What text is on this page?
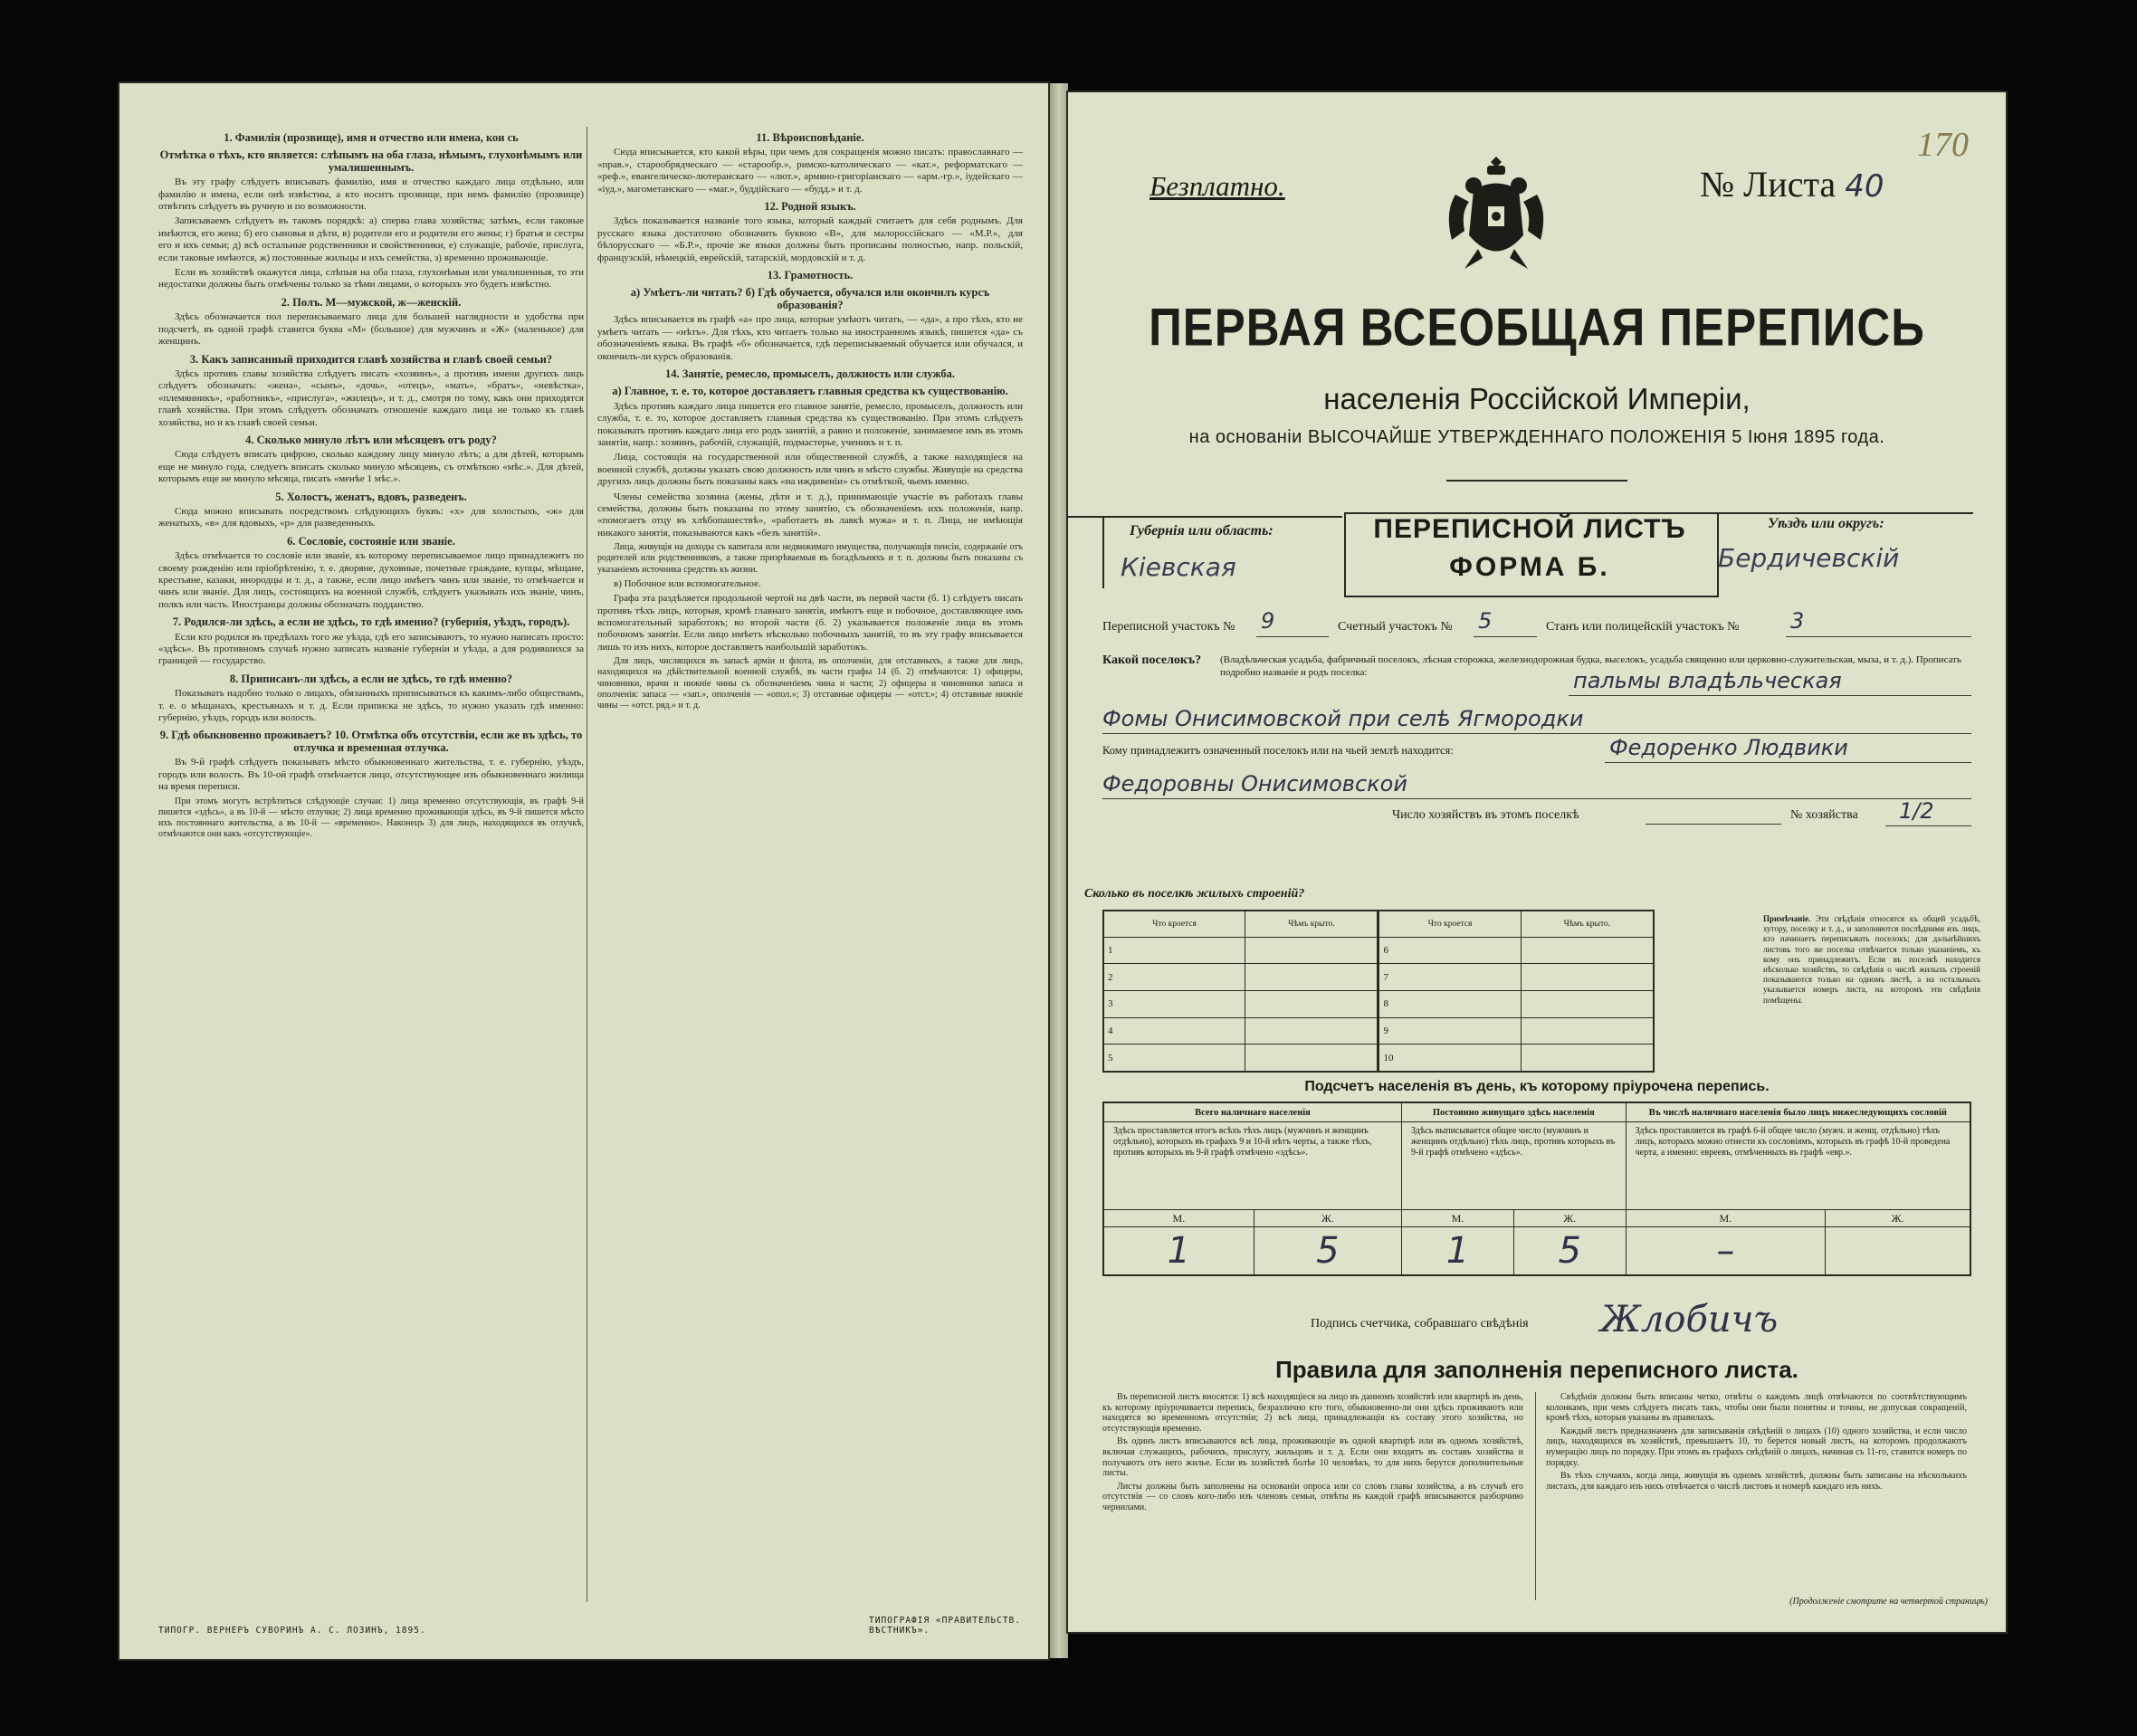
1. Фамилія (прозвище), имя и отчество или имена, кои сь
Отмѣтка о тѣхъ, кто является: слѣпымъ на оба глаза, нѣмымъ, глухонѣмымъ или умалишеннымъ.
Въ эту графу слѣдуетъ вписывать фамилію, имя и отчество каждаго лица отдѣльно, или фамилію и имена, если онѣ извѣстны, а кто носитъ прозвище, при немъ фамилію (прозвище) отвѣтить слѣдуетъ въ ручную и по возможности.
Записываемъ слѣдуетъ въ такомъ порядкѣ: а) сперва глава хозяйства; затѣмъ, если таковые имѣются, его жена; б) его сыновья и дѣти, в) родители его и родители его жены; г) братья и сестры его и ихъ семьи; д) всѣ остальные родственники и свойственники, е) служащіе, рабочіе, прислуга, если таковые имѣются, ж) постоянные жильцы и ихъ семейства, з) временно проживающіе.
Если въ хозяйствѣ окажутся лица, слѣпыя на оба глаза, глухонѣмыя или умалишенныя, то эти недостатки должны быть отмѣчены только за тѣми лицами, о которыхъ это будетъ извѣстно.
2. Полъ. М—мужской, ж—женскій.
Здѣсь обозначается пол переписываемаго лица для большей наглядности и удобства при подсчетѣ, въ одной графѣ ставится буква «М» (большое) для мужчинъ и «Ж» (маленькое) для женщинъ.
3. Какъ записанный приходится главѣ хозяйства и главѣ своей семьи?
Здѣсь противъ главы хозяйства слѣдуетъ писать «хозяинъ», а противъ имени другихъ лицъ слѣдуетъ обозначать: «жена», «сынъ», «дочь», «отецъ», «мать», «братъ», «невѣстка», «племянникъ», «работникъ», «прислуга», «жилецъ», и т. д., смотря по тому, какъ они приходятся главѣ хозяйства. При этомъ слѣдуетъ обозначать отношеніе каждаго лица не только къ главѣ хозяйства, но и къ главѣ своей семьи.
4. Сколько минуло лѣтъ или мѣсяцевъ отъ роду?
Сюда слѣдуетъ вписать цифрою, сколько каждому лицу минуло лѣтъ; а для дѣтей, которымъ еще не минуло года, следуетъ вписать сколько минуло мѣсяцевъ, съ отмѣткою «мѣс.». Для дѣтей, которымъ еще не минуло мѣсяца, писать «менѣе 1 мѣс.».
5. Холостъ, женатъ, вдовъ, разведенъ.
Сюда можно вписывать посредствомъ слѣдующихъ буквъ: «х» для холостыхъ, «ж» для женатыхъ, «в» для вдовыхъ, «р» для разведенныхъ.
6. Сословіе, состояніе или званіе.
Здѣсь отмѣчается то сословіе или званіе, къ которому переписываемое лицо принадлежитъ по своему рожденію или пріобрѣтенію, т. е. дворяне, духовные, почетные граждане, купцы, мѣщане, крестьяне, казаки, инородцы и т. д., а также, если лицо имѣетъ чинъ или званіе, то отмѣчается и чинъ или званіе. Для лицъ, состоящихъ на военной службѣ, слѣдуетъ указывать ихъ званіе, чинъ, полкъ или часть. Иностранцы должны обозначать подданство.
7. Родился-ли здѣсь, а если не здѣсь, то гдѣ именно? (губернія, уѣздъ, городъ).
Если кто родился въ предѣлахъ того же уѣзда, гдѣ его записываютъ, то нужно написать просто: «здѣсь». Въ противномъ случаѣ нужно записать названіе губерніи и уѣзда, а для родившихся за границей — государство.
8. Приписанъ-ли здѣсь, а если не здѣсь, то гдѣ именно?
Показывать надобно только о лицахъ, обязанныхъ приписываться къ какимъ-либо обществамъ, т. е. о мѣщанахъ, крестьянахъ и т. д. Если приписка не здѣсь, то нужно указать гдѣ именно: губернію, уѣздъ, городъ или волость.
9. Гдѣ обыкновенно проживаетъ? 10. Отмѣтка объ отсутствіи, если же въ здѣсь, то отлучка и временная отлучка.
Въ 9-й графѣ слѣдуетъ показывать мѣсто обыкновеннаго жительства, т. е. губернію, уѣздъ, городъ или волость. Въ 10-ой графѣ отмѣчается лицо, отсутствующее изъ обыкновеннаго жилища на время переписи.
При этомъ могутъ встрѣтиться слѣдующіе случаи: 1) лица временно отсутствующія, въ графѣ 9-й пишется «здѣсь», а въ 10-й — мѣсто отлучки; 2) лица временно проживающія здѣсь, въ 9-й пишется мѣсто ихъ постояннаго жительства, а въ 10-й — «временно». Наконецъ 3) для лицъ, находящихся въ отлучкѣ, отмѣчаются они какъ «отсутствующіе».
11. Вѣроисповѣданіе.
Сюда вписывается, кто какой вѣры, при чемъ для сокращенія можно писать: православнаго — «прав.», старообрядческаго — «старообр.», римско-католическаго — «кат.», реформатскаго — «реф.», евангелическо-лютеранскаго — «лют.», армяно-григоріанскаго — «арм.-гр.», іудейскаго — «іуд.», магометанскаго — «маг.», буддійскаго — «будд.» и т. д.
12. Родной языкъ.
Здѣсь показывается названіе того языка, который каждый считаетъ для себя роднымъ. Для русскаго языка достаточно обозначить буквою «В», для малороссійскаго — «М.Р.», для бѣлорусскаго — «Б.Р.», прочіе же языки должны быть прописаны полностью, напр. польскій, французскій, нѣмецкій, еврейскій, татарскій, мордовскій и т. д.
13. Грамотность.
а) Умѣетъ-ли читать? б) Гдѣ обучается, обучался или окончилъ курсъ образованія?
Здѣсь вписывается въ графѣ «а» про лица, которые умѣютъ читать, — «да», а про тѣхъ, кто не умѣетъ читать — «нѣтъ». Для тѣхъ, кто читаетъ только на иностранномъ языкѣ, пишется «да» съ обозначеніемъ языка. Въ графѣ «б» обозначается, гдѣ переписываемый обучается или обучался, и окончилъ-ли курсъ образованія.
14. Занятіе, ремесло, промыселъ, должность или служба.
а) Главное, т. е. то, которое доставляетъ главныя средства къ существованію.
Здѣсь противъ каждаго лица пишется его главное занятіе, ремесло, промыселъ, должность или служба, т. е. то, которое доставляетъ главныя средства къ существованію. При этомъ слѣдуетъ показывать противъ каждаго лица его родъ занятій, а равно и положеніе, занимаемое имъ въ этомъ занятіи, напр.: хозяинъ, рабочій, служащій, подмастерье, ученикъ и т. п.
Лица, состоящія на государственной или общественной службѣ, а также находящіеся на военной службѣ, должны указать свою должность или чинъ и мѣсто службы. Живущіе на средства другихъ лицъ должны быть показаны какъ «на иждивеніи» съ отмѣткой, чьемъ именно.
Члены семейства хозяина (жены, дѣти и т. д.), принимающіе участіе въ работахъ главы семейства, должны быть показаны по этому занятію, съ обозначеніемъ ихъ положенія, напр. «помогаетъ отцу въ хлѣбопашествѣ», «работаетъ въ лавкѣ мужа» и т. п. Лица, не имѣющія никакого занятія, показываются какъ «безъ занятій».
Лица, живущія на доходы съ капитала или недвижимаго имущества, получающія пенсіи, содержаніе отъ родителей или родственниковъ, а также призрѣваемыя въ богадѣльняхъ и т. п. должны быть показаны съ указаніемъ источника средствъ къ жизни.
в) Побочное или вспомогательное.
Графа эта раздѣляется продольной чертой на двѣ части, въ первой части (б. 1) слѣдуетъ писать противъ тѣхъ лицъ, которыя, кромѣ главнаго занятія, имѣютъ еще и побочное, доставляющее имъ вспомогательный заработокъ; во второй части (б. 2) указывается положеніе лица въ этомъ побочномъ занятіи. Если лицо имѣетъ нѣсколько побочныхъ занятій, то въ эту графу вписывается лишь то изъ нихъ, которое доставляетъ наибольшій заработокъ.
Для лицъ, числящихся въ запасѣ арміи и флота, въ ополченіи, для отставныхъ, а также для лицъ, находящихся на дѣйствительной военной службѣ, въ части графы 14 (б. 2) отмѣчаются: 1) офицеры, чиновники, врачи и нижніе чины съ обозначеніемъ чина и части; 2) офицеры и чиновники запаса и ополченія: запаса — «зап.», ополченія — «опол.»; 3) отставные офицеры — «отст.»; 4) отставные нижніе чины — «отст. ряд.» и т. д.
ТИПОГР. ВЕРНЕРЪ СУВОРИНЪ А. С. ЛОЗИНЪ, 1895.
ТИПОГРАФІЯ «ПРАВИТЕЛЬСТВ. ВѢСТНИКЪ».
Безплатно.	№ Листа 40
170
ПЕРВАЯ ВСЕОБЩАЯ ПЕРЕПИСЬ
населенія Россійской Имперіи,
на основаніи ВЫСОЧАЙШЕ УТВЕРЖДЕННАГО ПОЛОЖЕНІЯ 5 Іюня 1895 года.
Губернія или область:
Кіевская
ПЕРЕПИСНОЙ ЛИСТЪ
ФОРМА Б.
Уѣздъ или округъ:
Бердичевскій
Переписной участокъ № 9	Счетный участокъ № 5	Станъ или полицейскій участокъ № 3
Какой поселокъ? (Владѣльческая усадьба, фабричный поселокъ, лѣсная сторожка, железнодорожная будка, выселокъ, усадьба священно или церковно-служительская, мызa, и т. д.). Прописать подробно названіе и родъ поселка:	пальмы владѣльческая
Фомы Онисимовской при селѣ Ягмородки
Кому принадлежитъ означенный поселокъ или на чьей землѣ находится:	Федоренко Людвики
Федоровны Онисимовской
Число хозяйствъ въ этомъ поселкѣ	№ хозяйства 1/2
Сколько въ поселкѣ жилыхъ строеній?
Что кроется	Чѣмъ крыто.	Что кроется	Чѣмъ крыто.
1		6	
2		7	
3		8	
4		9	
5		10	
Примѣчаніе. Эти свѣдѣнія относятся къ общей усадьбѣ, хутору, поселку и т. д., и заполняются послѣдними изъ лицъ, кто начинаетъ переписывать поселокъ; для дальнѣйшихъ листовъ того же поселка отвѣчается только указаніемъ, къ кому онъ принадлежитъ. Если въ поселкѣ находится нѣсколько хозяйствъ, то свѣдѣнія о числѣ жилыхъ строеній показываются только на одномъ листѣ, а на остальныхъ указывается номеръ листа, на которомъ эти свѣдѣнія помѣщены.
Подсчетъ населенія въ день, къ которому пріурочена перепись.
Всего наличнаго населенія		Постоянно живущаго здѣсь населенія		Въ числѣ наличнаго населенія было лицъ нижеследующихъ сословій	
Здѣсь проставляется итогъ всѣхъ тѣхъ лицъ (мужчинъ и женщинъ отдѣльно), которыхъ въ графахъ 9 и 10-й нѣтъ черты, а также тѣхъ, противъ которыхъ въ 9-й графѣ отмѣчено «здѣсь».		Здѣсь выписывается общее число (мужчинъ и женщинъ отдѣльно) тѣхъ лицъ, противъ которыхъ въ 9-й графѣ отмѣчено «здѣсь».		Здѣсь проставляется въ графѣ 6-й общее число (мужч. и женщ. отдѣльно) тѣхъ лицъ, которыхъ можно отнести къ сословіямъ, которыхъ въ графѣ 10-й проведена черта, а именно: евреевъ, отмѣченныхъ въ графѣ «евр.».	
М.	Ж.	М.	Ж.	М.	Ж.
1	5	1	5	–	
Подпись счетчика, собравшаго свѣдѣнія Жлобичъ
Правила для заполненія переписного листа.

Въ переписной листъ вносятся: 1) всѣ находящіеся на лицо въ данномъ хозяйствѣ или квартирѣ въ день, къ которому пріурочивается перепись, безразлично кто того, обыкновенно-ли они здѣсь проживаютъ или находятся во временномъ отсутствіи; 2) всѣ лица, принадлежащія къ составу этого хозяйства, но отсутствующія временно.

Въ одинъ листъ вписываются всѣ лица, проживающіе въ одной квартирѣ или въ одномъ хозяйствѣ, включая служащихъ, рабочихъ, прислугу, жильцовъ и т. д. Если они входятъ въ составъ хозяйства и получаютъ отъ него жилье. Если въ хозяйствѣ болѣе 10 человѣкъ, то для нихъ берутся дополнительные листы.

Листы должны быть заполнены на основаніи опроса или со словъ главы хозяйства, а въ случаѣ его отсутствія — со словъ кого-либо изъ членовъ семьи, отвѣты въ каждой графѣ вписываются разборчиво чернилами.

Свѣдѣнія должны быть вписаны четко, отвѣты о каждомъ лицѣ отвѣчаются по соотвѣтствующимъ колонкамъ, при чемъ слѣдуетъ писать такъ, чтобы они были понятны и точны, не допуская сокращеній, кромѣ тѣхъ, которыя указаны въ правилахъ.

Каждый листъ предназначенъ для записыванія свѣдѣній о лицахъ (10) одного хозяйства, и если число лицъ, находящихся въ хозяйствѣ, превышаетъ 10, то берется новый листъ, на которомъ продолжаютъ нумерацію лицъ по порядку. При этомъ въ графахъ свѣдѣній о лицахъ, начиная съ 11-го, ставится номеръ по порядку.

Въ тѣхъ случаяхъ, когда лица, живущія въ одномъ хозяйствѣ, должны быть записаны на нѣсколькихъ листахъ, для каждаго изъ нихъ отвѣчается о числѣ листовъ и номерѣ каждаго изъ нихъ.

(Продолженіе смотрите на четвертой страницѣ)
